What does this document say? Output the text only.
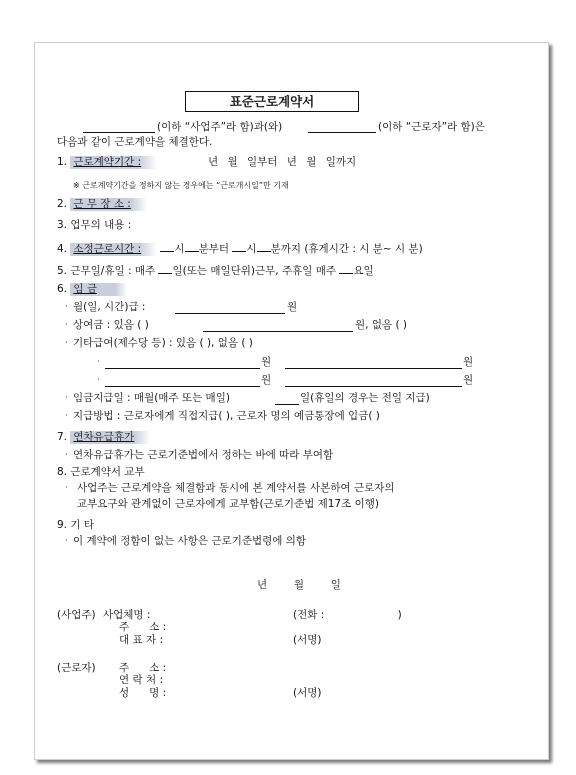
표준근로계약서
(이하 “사업주”라 함)과(와)	(이하 “근로자”라 함)은
다음과 같이 근로계약을 체결한다.
1. 근로계약기간 :	년 월 일부터 년 월 일까지
※ 근로계약기간을 정하지 않는 경우에는 “근로개시일”만 기재
2. 근 무 장 소 :
3. 업무의 내용 :
4. 소정근로시간 :	시 분부터 시 분까지 (휴게시간 : 시 분~ 시 분)
5. 근무일/휴일 : 매주 일(또는 매일단위)근무, 주휴일 매주 요일
6. 임 금
· 월(일, 시간)급 :	원
· 상여금 : 있음 ( )	원, 없음 ( )
· 기타급여(제수당 등) : 있음 ( ), 없음 ( )
·	원	원
·	원	원
· 임금지급일 : 매월(매주 또는 매일)	일(휴일의 경우는 전일 지급)
· 지급방법 : 근로자에게 직접지급( ), 근로자 명의 예금통장에 입금( )
7. 연차유급휴가
· 연차유급휴가는 근로기준법에서 정하는 바에 따라 부여함
8. 근로계약서 교부
· 사업주는 근로계약을 체결함과 동시에 본 계약서를 사본하여 근로자의
교부요구와 관계없이 근로자에게 교부함(근로기준법 제17조 이행)
9. 기 타
· 이 계약에 정함이 없는 사항은 근로기준법령에 의함
년        월        일
(사업주) 사업체명 :	(전화 :                      )
주      소 :
대 표 자 :	(서명)
(근로자) 주      소 :
연 락 처 :
성      명 :	(서명)
